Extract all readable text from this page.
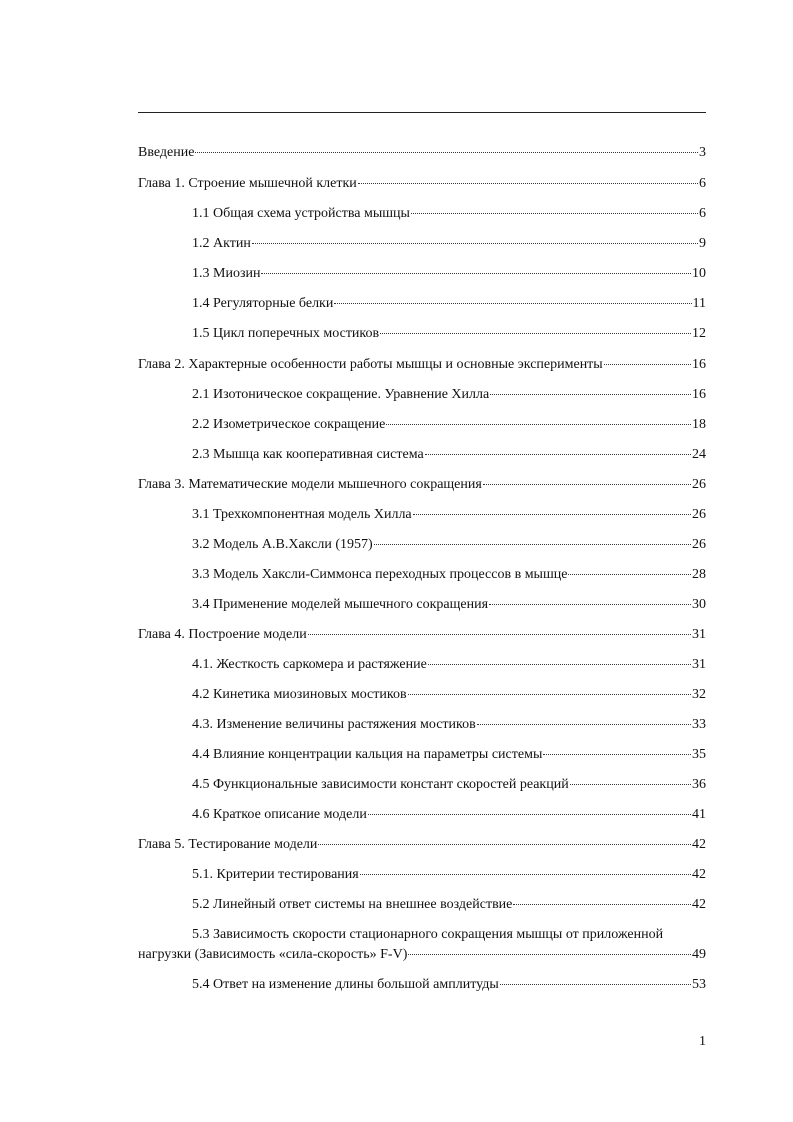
Введение	3
Глава 1. Строение мышечной клетки	6
1.1 Общая схема устройства мышцы	6
1.2 Актин	9
1.3 Миозин	10
1.4 Регуляторные белки	11
1.5 Цикл поперечных мостиков	12
Глава 2. Характерные особенности работы мышцы и основные эксперименты	16
2.1 Изотоническое сокращение. Уравнение Хилла	16
2.2 Изометрическое сокращение	18
2.3 Мышца как кооперативная система	24
Глава 3. Математические модели мышечного сокращения	26
3.1 Трехкомпонентная модель Хилла	26
3.2 Модель А.В.Хаксли (1957)	26
3.3 Модель Хаксли-Симмонса переходных процессов в мышце	28
3.4 Применение моделей мышечного сокращения	30
Глава 4. Построение модели	31
4.1. Жесткость саркомера и растяжение	31
4.2 Кинетика миозиновых мостиков	32
4.3. Изменение величины растяжения мостиков	33
4.4 Влияние концентрации кальция на параметры системы	35
4.5 Функциональные зависимости констант скоростей реакций	36
4.6 Краткое описание модели	41
Глава 5. Тестирование модели	42
5.1. Критерии тестирования	42
5.2 Линейный ответ системы на внешнее воздействие	42
5.3 Зависимость скорости стационарного сокращения мышцы от приложенной
нагрузки (Зависимость «сила-скорость» F-V)	49
5.4 Ответ на изменение длины большой амплитуды	53
1
